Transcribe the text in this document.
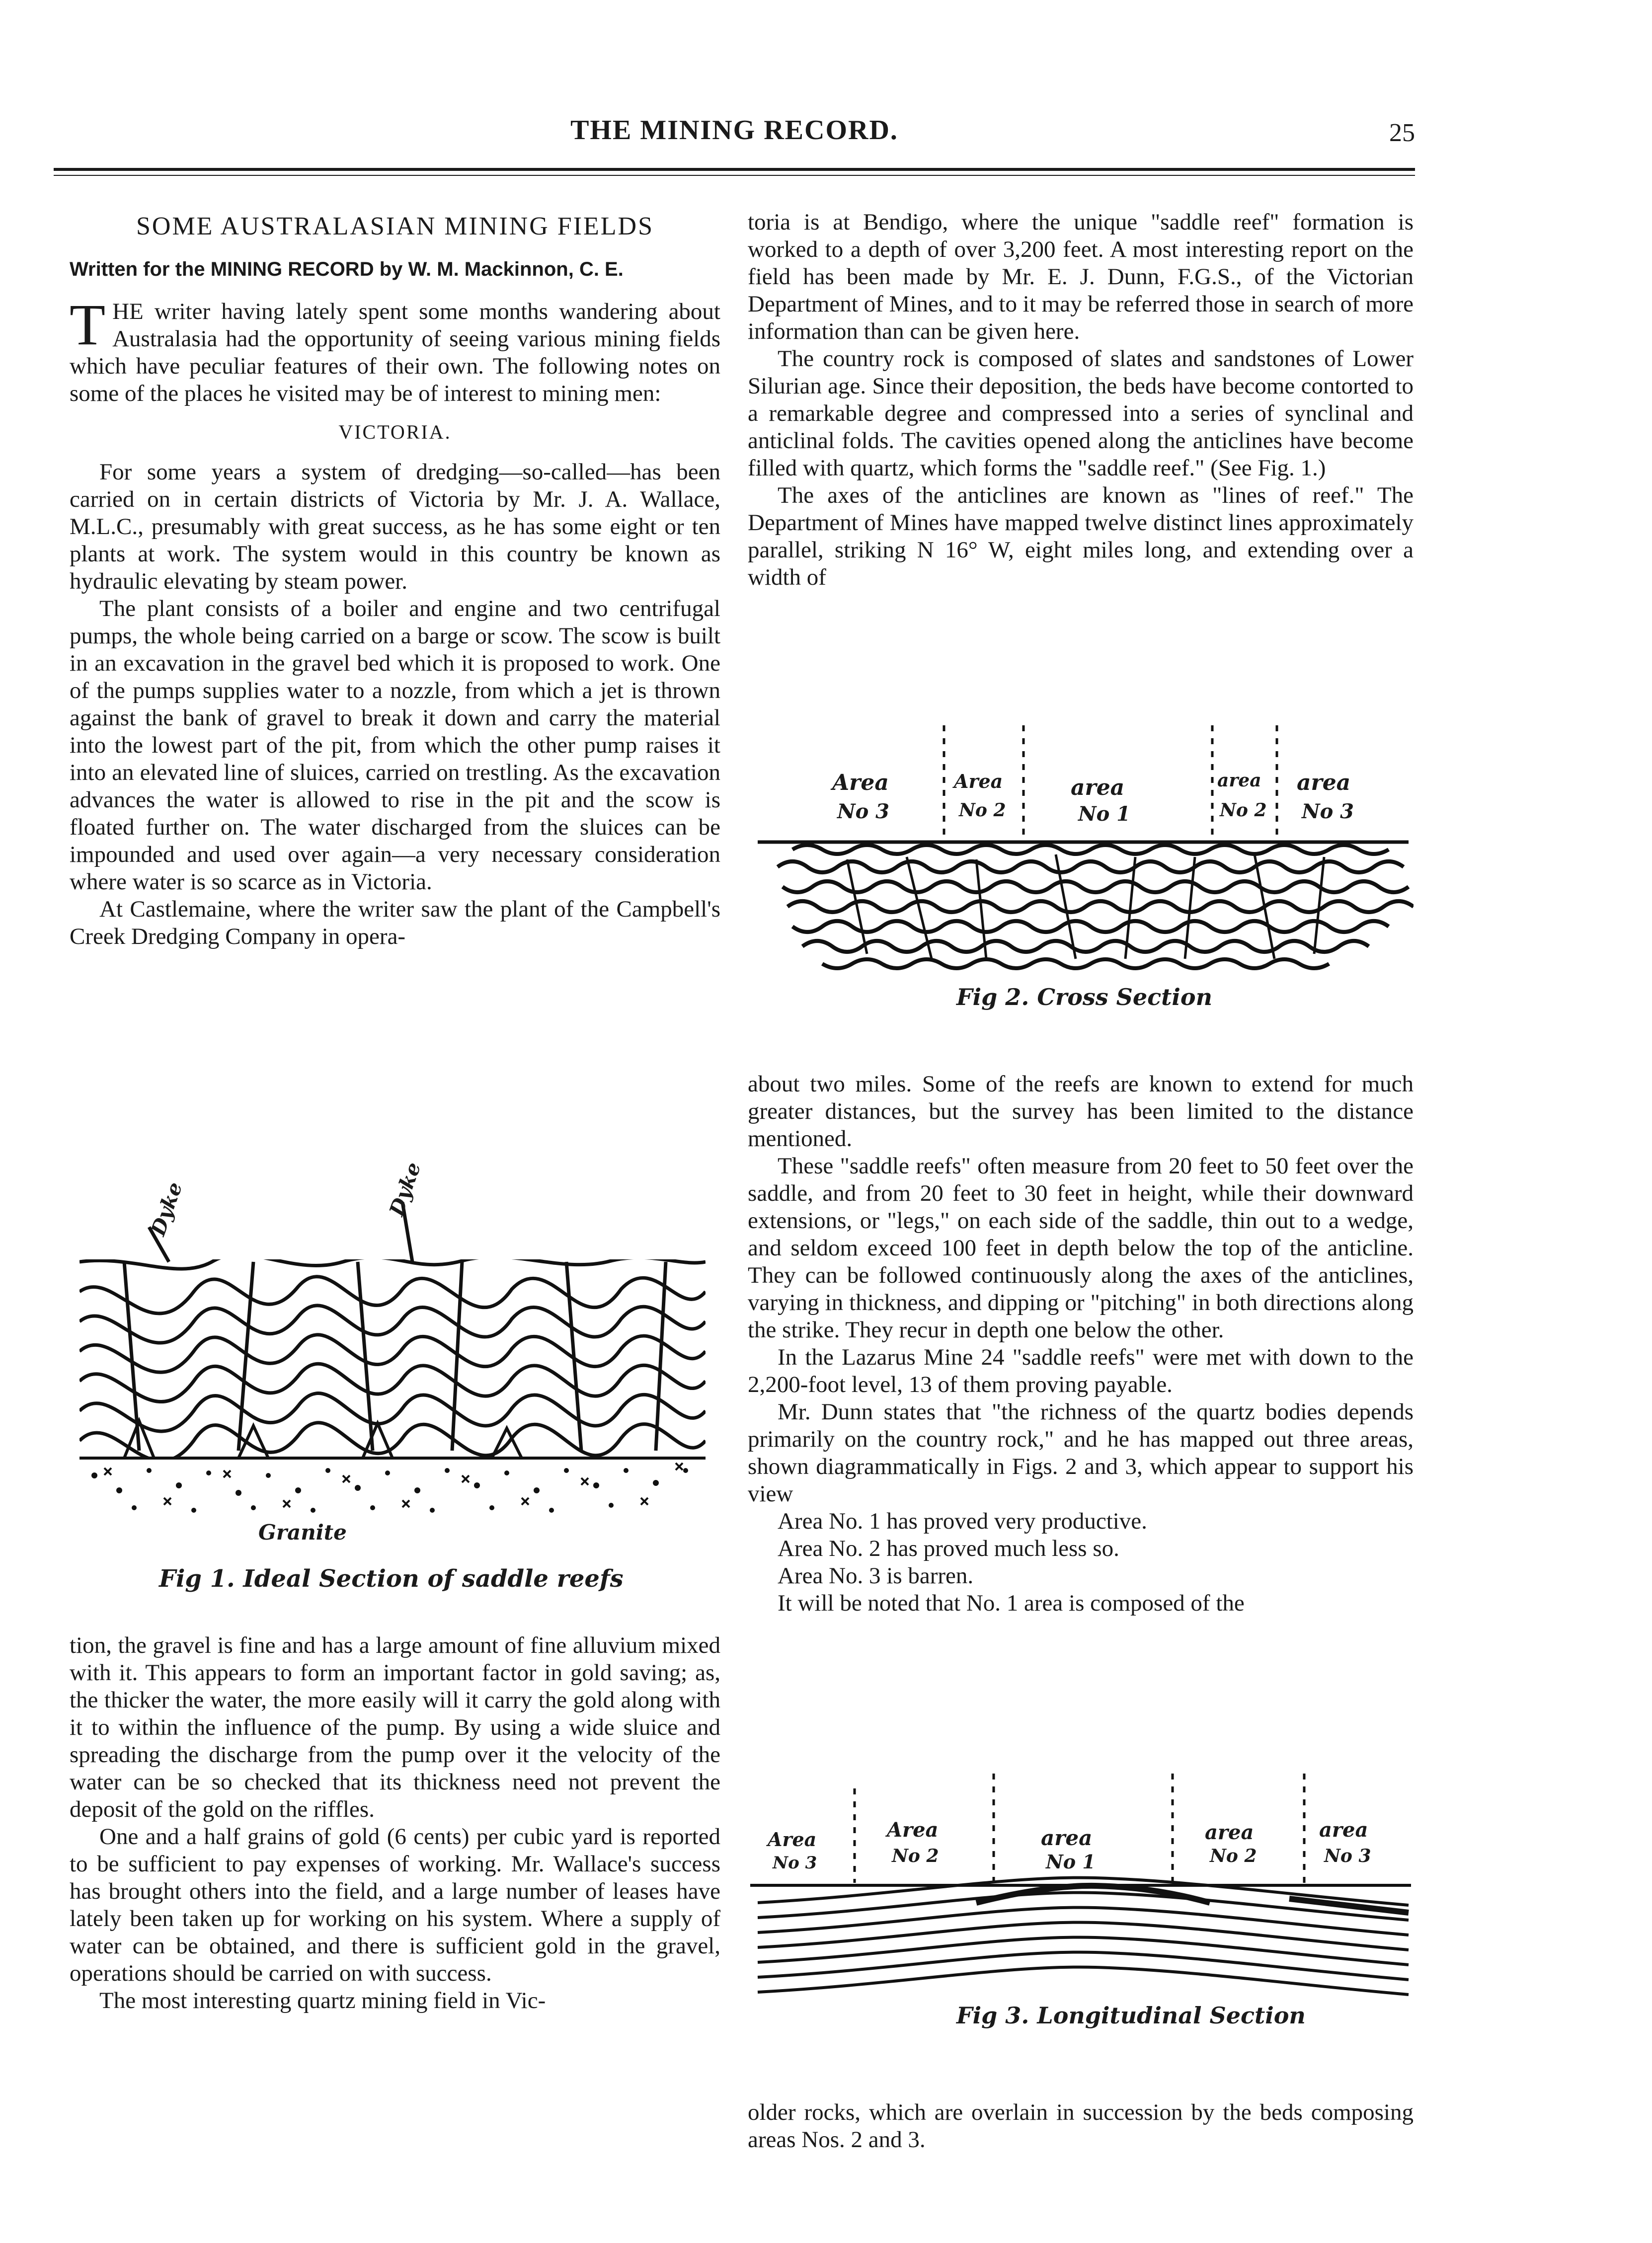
THE MINING RECORD.	25
SOME AUSTRALASIAN MINING FIELDS
Written for the MINING RECORD by W. M. Mackinnon, C. E.

THE writer having lately spent some months wandering about Australasia had the opportunity of seeing various mining fields which have peculiar features of their own. The following notes on some of the places he visited may be of interest to mining men:

VICTORIA.

For some years a system of dredging—so-called—has been carried on in certain districts of Victoria by Mr. J. A. Wallace, M.L.C., presumably with great success, as he has some eight or ten plants at work. The system would in this country be known as hydraulic elevating by steam power.

The plant consists of a boiler and engine and two centrifugal pumps, the whole being carried on a barge or scow. The scow is built in an excavation in the gravel bed which it is proposed to work. One of the pumps supplies water to a nozzle, from which a jet is thrown against the bank of gravel to break it down and carry the material into the lowest part of the pit, from which the other pump raises it into an elevated line of sluices, carried on trestling. As the excavation advances the water is allowed to rise in the pit and the scow is floated further on. The water discharged from the sluices can be impounded and used over again—a very necessary consideration where water is so scarce as in Victoria.

At Castlemaine, where the writer saw the plant of the Campbell's Creek Dredging Company in opera-

Dyke	Dyke
Granite
Fig 1. Ideal Section of saddle reefs

tion, the gravel is fine and has a large amount of fine alluvium mixed with it. This appears to form an important factor in gold saving; as, the thicker the water, the more easily will it carry the gold along with it to within the influence of the pump. By using a wide sluice and spreading the discharge from the pump over it the velocity of the water can be so checked that its thickness need not prevent the deposit of the gold on the riffles.

One and a half grains of gold (6 cents) per cubic yard is reported to be sufficient to pay expenses of working. Mr. Wallace's success has brought others into the field, and a large number of leases have lately been taken up for working on his system. Where a supply of water can be obtained, and there is sufficient gold in the gravel, operations should be carried on with success.

The most interesting quartz mining field in Vic-

toria is at Bendigo, where the unique "saddle reef" formation is worked to a depth of over 3,200 feet. A most interesting report on the field has been made by Mr. E. J. Dunn, F.G.S., of the Victorian Department of Mines, and to it may be referred those in search of more information than can be given here.

The country rock is composed of slates and sandstones of Lower Silurian age. Since their deposition, the beds have become contorted to a remarkable degree and compressed into a series of synclinal and anticlinal folds. The cavities opened along the anticlines have become filled with quartz, which forms the "saddle reef." (See Fig. 1.)

The axes of the anticlines are known as "lines of reef." The Department of Mines have mapped twelve distinct lines approximately parallel, striking N 16° W, eight miles long, and extending over a width of

Area
No 3
Area
No 2
area
No 1
area
No 2
area
No 3
Fig 2. Cross Section

about two miles. Some of the reefs are known to extend for much greater distances, but the survey has been limited to the distance mentioned.

These "saddle reefs" often measure from 20 feet to 50 feet over the saddle, and from 20 feet to 30 feet in height, while their downward extensions, or "legs," on each side of the saddle, thin out to a wedge, and seldom exceed 100 feet in depth below the top of the anticline. They can be followed continuously along the axes of the anticlines, varying in thickness, and dipping or "pitching" in both directions along the strike. They recur in depth one below the other.

In the Lazarus Mine 24 "saddle reefs" were met with down to the 2,200-foot level, 13 of them proving payable.

Mr. Dunn states that "the richness of the quartz bodies depends primarily on the country rock," and he has mapped out three areas, shown diagrammatically in Figs. 2 and 3, which appear to support his view

Area No. 1 has proved very productive.
Area No. 2 has proved much less so.
Area No. 3 is barren.

It will be noted that No. 1 area is composed of the

Area
No 3
Area
No 2
area
No 1
area
No 2
area
No 3
Fig 3. Longitudinal Section

older rocks, which are overlain in succession by the beds composing areas Nos. 2 and 3.
